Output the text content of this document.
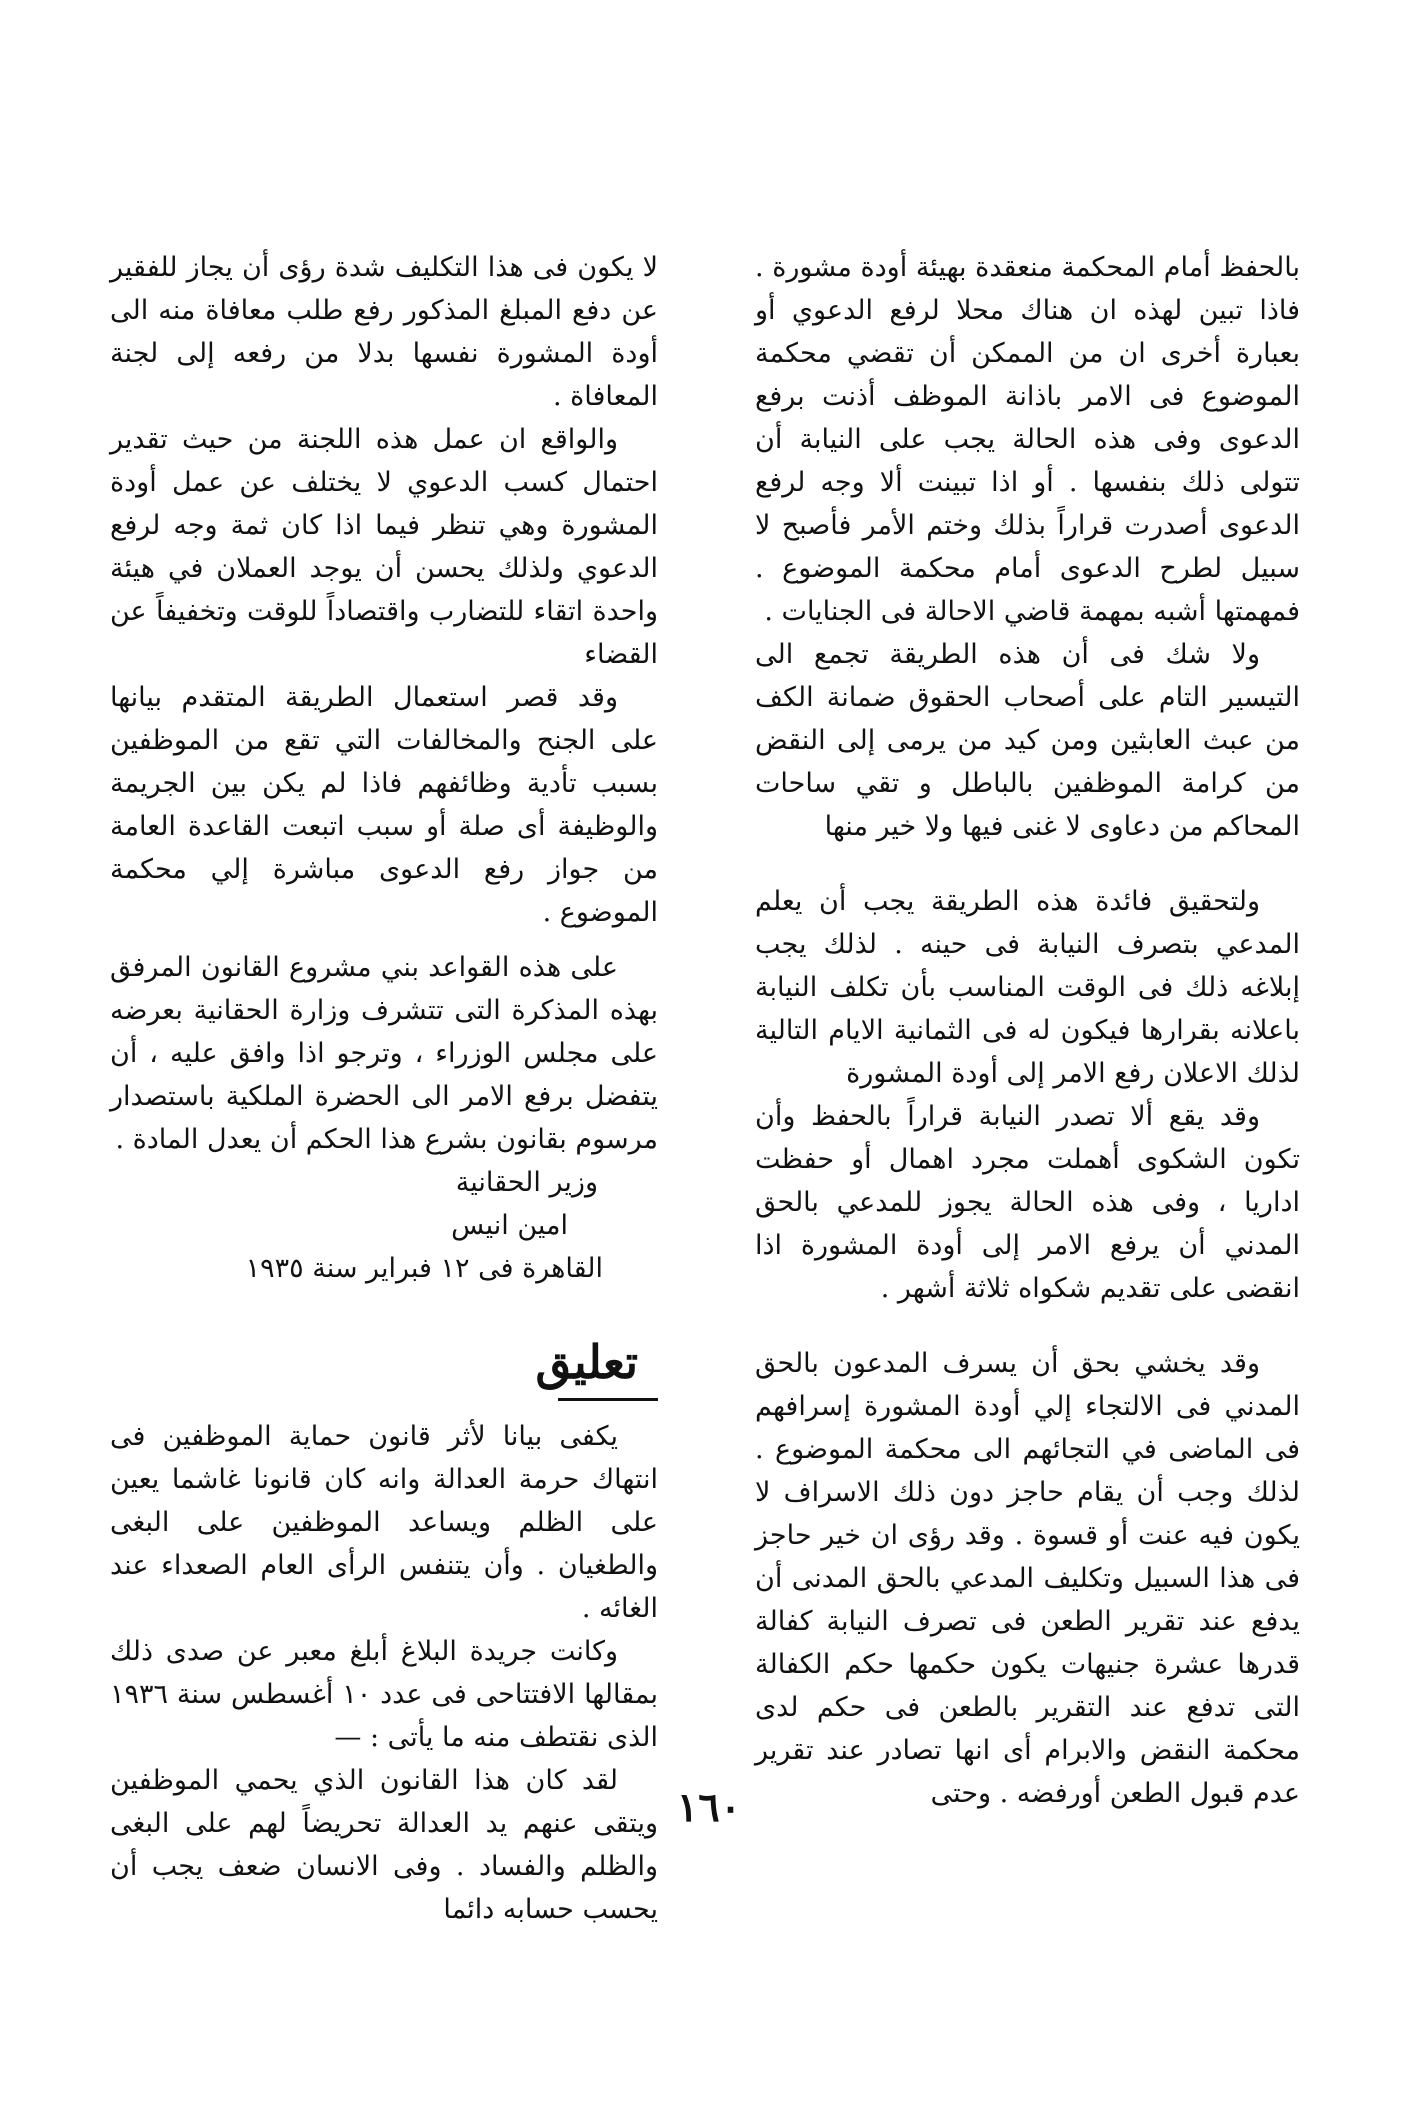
بالحفظ أمام المحكمة منعقدة بهيئة أودة مشورة . فاذا تبين لهذه ان هناك محلا لرفع الدعوي أو بعبارة أخرى ان من الممكن أن تقضي محكمة الموضوع فى الامر باذانة الموظف أذنت برفع الدعوى وفى هذه الحالة يجب على النيابة أن تتولى ذلك بنفسها . أو اذا تبينت ألا وجه لرفع الدعوى أصدرت قراراً بذلك وختم الأمر فأصبح لا سبيل لطرح الدعوى أمام محكمة الموضوع . فمهمتها أشبه بمهمة قاضي الاحالة فى الجنايات .

ولا شك فى أن هذه الطريقة تجمع الى التيسير التام على أصحاب الحقوق ضمانة الكف من عبث العابثين ومن كيد من يرمى إلى النقض من كرامة الموظفين بالباطل و تقي ساحات المحاكم من دعاوى لا غنى فيها ولا خير منها

ولتحقيق فائدة هذه الطريقة يجب أن يعلم المدعي بتصرف النيابة فى حينه . لذلك يجب إبلاغه ذلك فى الوقت المناسب بأن تكلف النيابة باعلانه بقرارها فيكون له فى الثمانية الايام التالية لذلك الاعلان رفع الامر إلى أودة المشورة

وقد يقع ألا تصدر النيابة قراراً بالحفظ وأن تكون الشكوى أهملت مجرد اهمال أو حفظت اداريا ، وفى هذه الحالة يجوز للمدعي بالحق المدني أن يرفع الامر إلى أودة المشورة اذا انقضى على تقديم شكواه ثلاثة أشهر .

وقد يخشي بحق أن يسرف المدعون بالحق المدني فى الالتجاء إلي أودة المشورة إسرافهم فى الماضى في التجائهم الى محكمة الموضوع . لذلك وجب أن يقام حاجز دون ذلك الاسراف لا يكون فيه عنت أو قسوة . وقد رؤى ان خير حاجز فى هذا السبيل وتكليف المدعي بالحق المدنى أن يدفع عند تقرير الطعن فى تصرف النيابة كفالة قدرها عشرة جنيهات يكون حكمها حكم الكفالة التى تدفع عند التقرير بالطعن فى حكم لدى محكمة النقض والابرام أى انها تصادر عند تقرير عدم قبول الطعن أورفضه . وحتى

لا يكون فى هذا التكليف شدة رؤى أن يجاز للفقير عن دفع المبلغ المذكور رفع طلب معافاة منه الى أودة المشورة نفسها بدلا من رفعه إلى لجنة المعافاة .

والواقع ان عمل هذه اللجنة من حيث تقدير احتمال كسب الدعوي لا يختلف عن عمل أودة المشورة وهي تنظر فيما اذا كان ثمة وجه لرفع الدعوي ولذلك يحسن أن يوجد العملان في هيئة واحدة اتقاء للتضارب واقتصاداً للوقت وتخفيفاً عن القضاء

وقد قصر استعمال الطريقة المتقدم بيانها على الجنح والمخالفات التي تقع من الموظفين بسبب تأدية وظائفهم فاذا لم يكن بين الجريمة والوظيفة أى صلة أو سبب اتبعت القاعدة العامة من جواز رفع الدعوى مباشرة إلي محكمة الموضوع .

على هذه القواعد بني مشروع القانون المرفق بهذه المذكرة التى تتشرف وزارة الحقانية بعرضه على مجلس الوزراء ، وترجو اذا وافق عليه ، أن يتفضل برفع الامر الى الحضرة الملكية باستصدار مرسوم بقانون بشرع هذا الحكم أن يعدل المادة .

وزير الحقانية

امين انيس

القاهرة فى ١٢ فبراير سنة ١٩٣٥

تعليق

يكفى بيانا لأثر قانون حماية الموظفين فى انتهاك حرمة العدالة وانه كان قانونا غاشما يعين على الظلم ويساعد الموظفين على البغى والطغيان . وأن يتنفس الرأى العام الصعداء عند الغائه .

وكانت جريدة البلاغ أبلغ معبر عن صدى ذلك بمقالها الافتتاحى فى عدد ١٠ أغسطس سنة ١٩٣٦ الذى نقتطف منه ما يأتى : —

لقد كان هذا القانون الذي يحمي الموظفين ويتقى عنهم يد العدالة تحريضاً لهم على البغى والظلم والفساد . وفى الانسان ضعف يجب أن يحسب حسابه دائما

١٦٠
